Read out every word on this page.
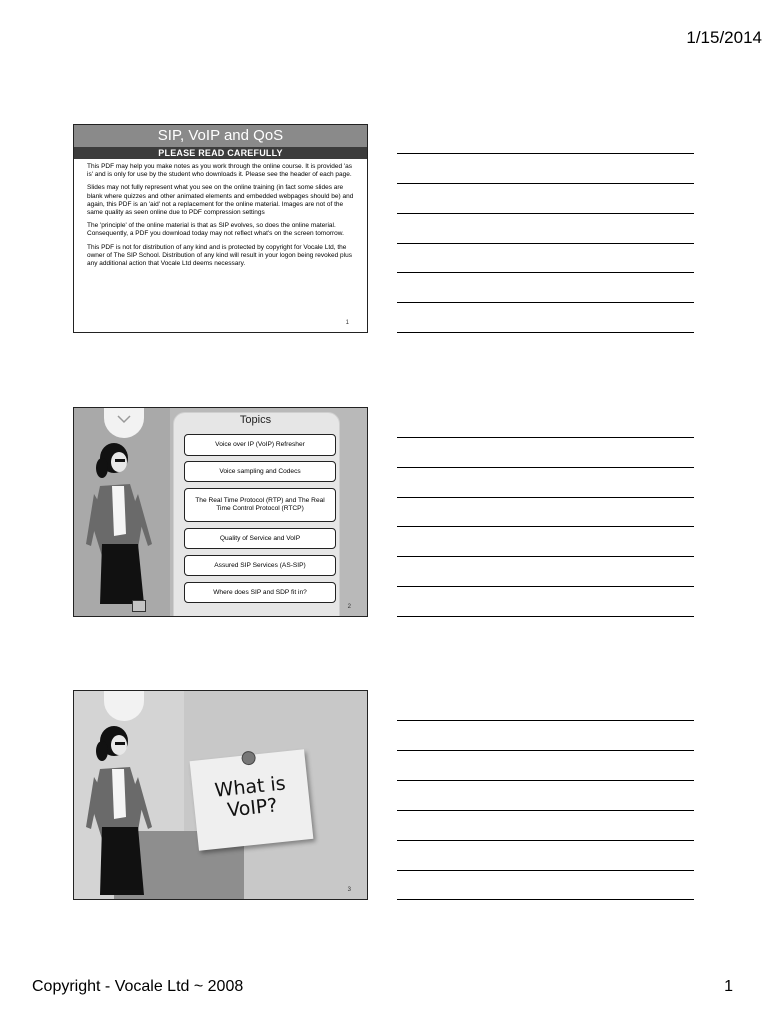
1/15/2014
SIP, VoIP and QoS
PLEASE READ CAREFULLY

This PDF may help you make notes as you work through the online course. It is provided 'as is' and is only for use by the student who downloads it. Please see the header of each page.

Slides may not fully represent what you see on the online training (in fact some slides are blank where quizzes and other animated elements and embedded webpages should be) and again, this PDF is an 'aid' not a replacement for the online material. Images are not of the same quality as seen online due to PDF compression settings

The 'principle' of the online material is that as SIP evolves, so does the online material. Consequently, a PDF you download today may not reflect what's on the screen tomorrow.

This PDF is not for distribution of any kind and is protected by copyright for Vocale Ltd, the owner of The SIP School. Distribution of any kind will result in your logon being revoked plus any additional action that Vocale Ltd deems necessary.

1
Topics
Voice over IP (VoIP) Refresher
Voice sampling and Codecs
The Real Time Protocol (RTP) and The Real Time Control Protocol (RTCP)
Quality of Service and VoIP
Assured SIP Services (AS-SIP)
Where does SIP and SDP fit in?
2
What is
VoIP?
3
Copyright - Vocale Ltd ~ 2008	1
